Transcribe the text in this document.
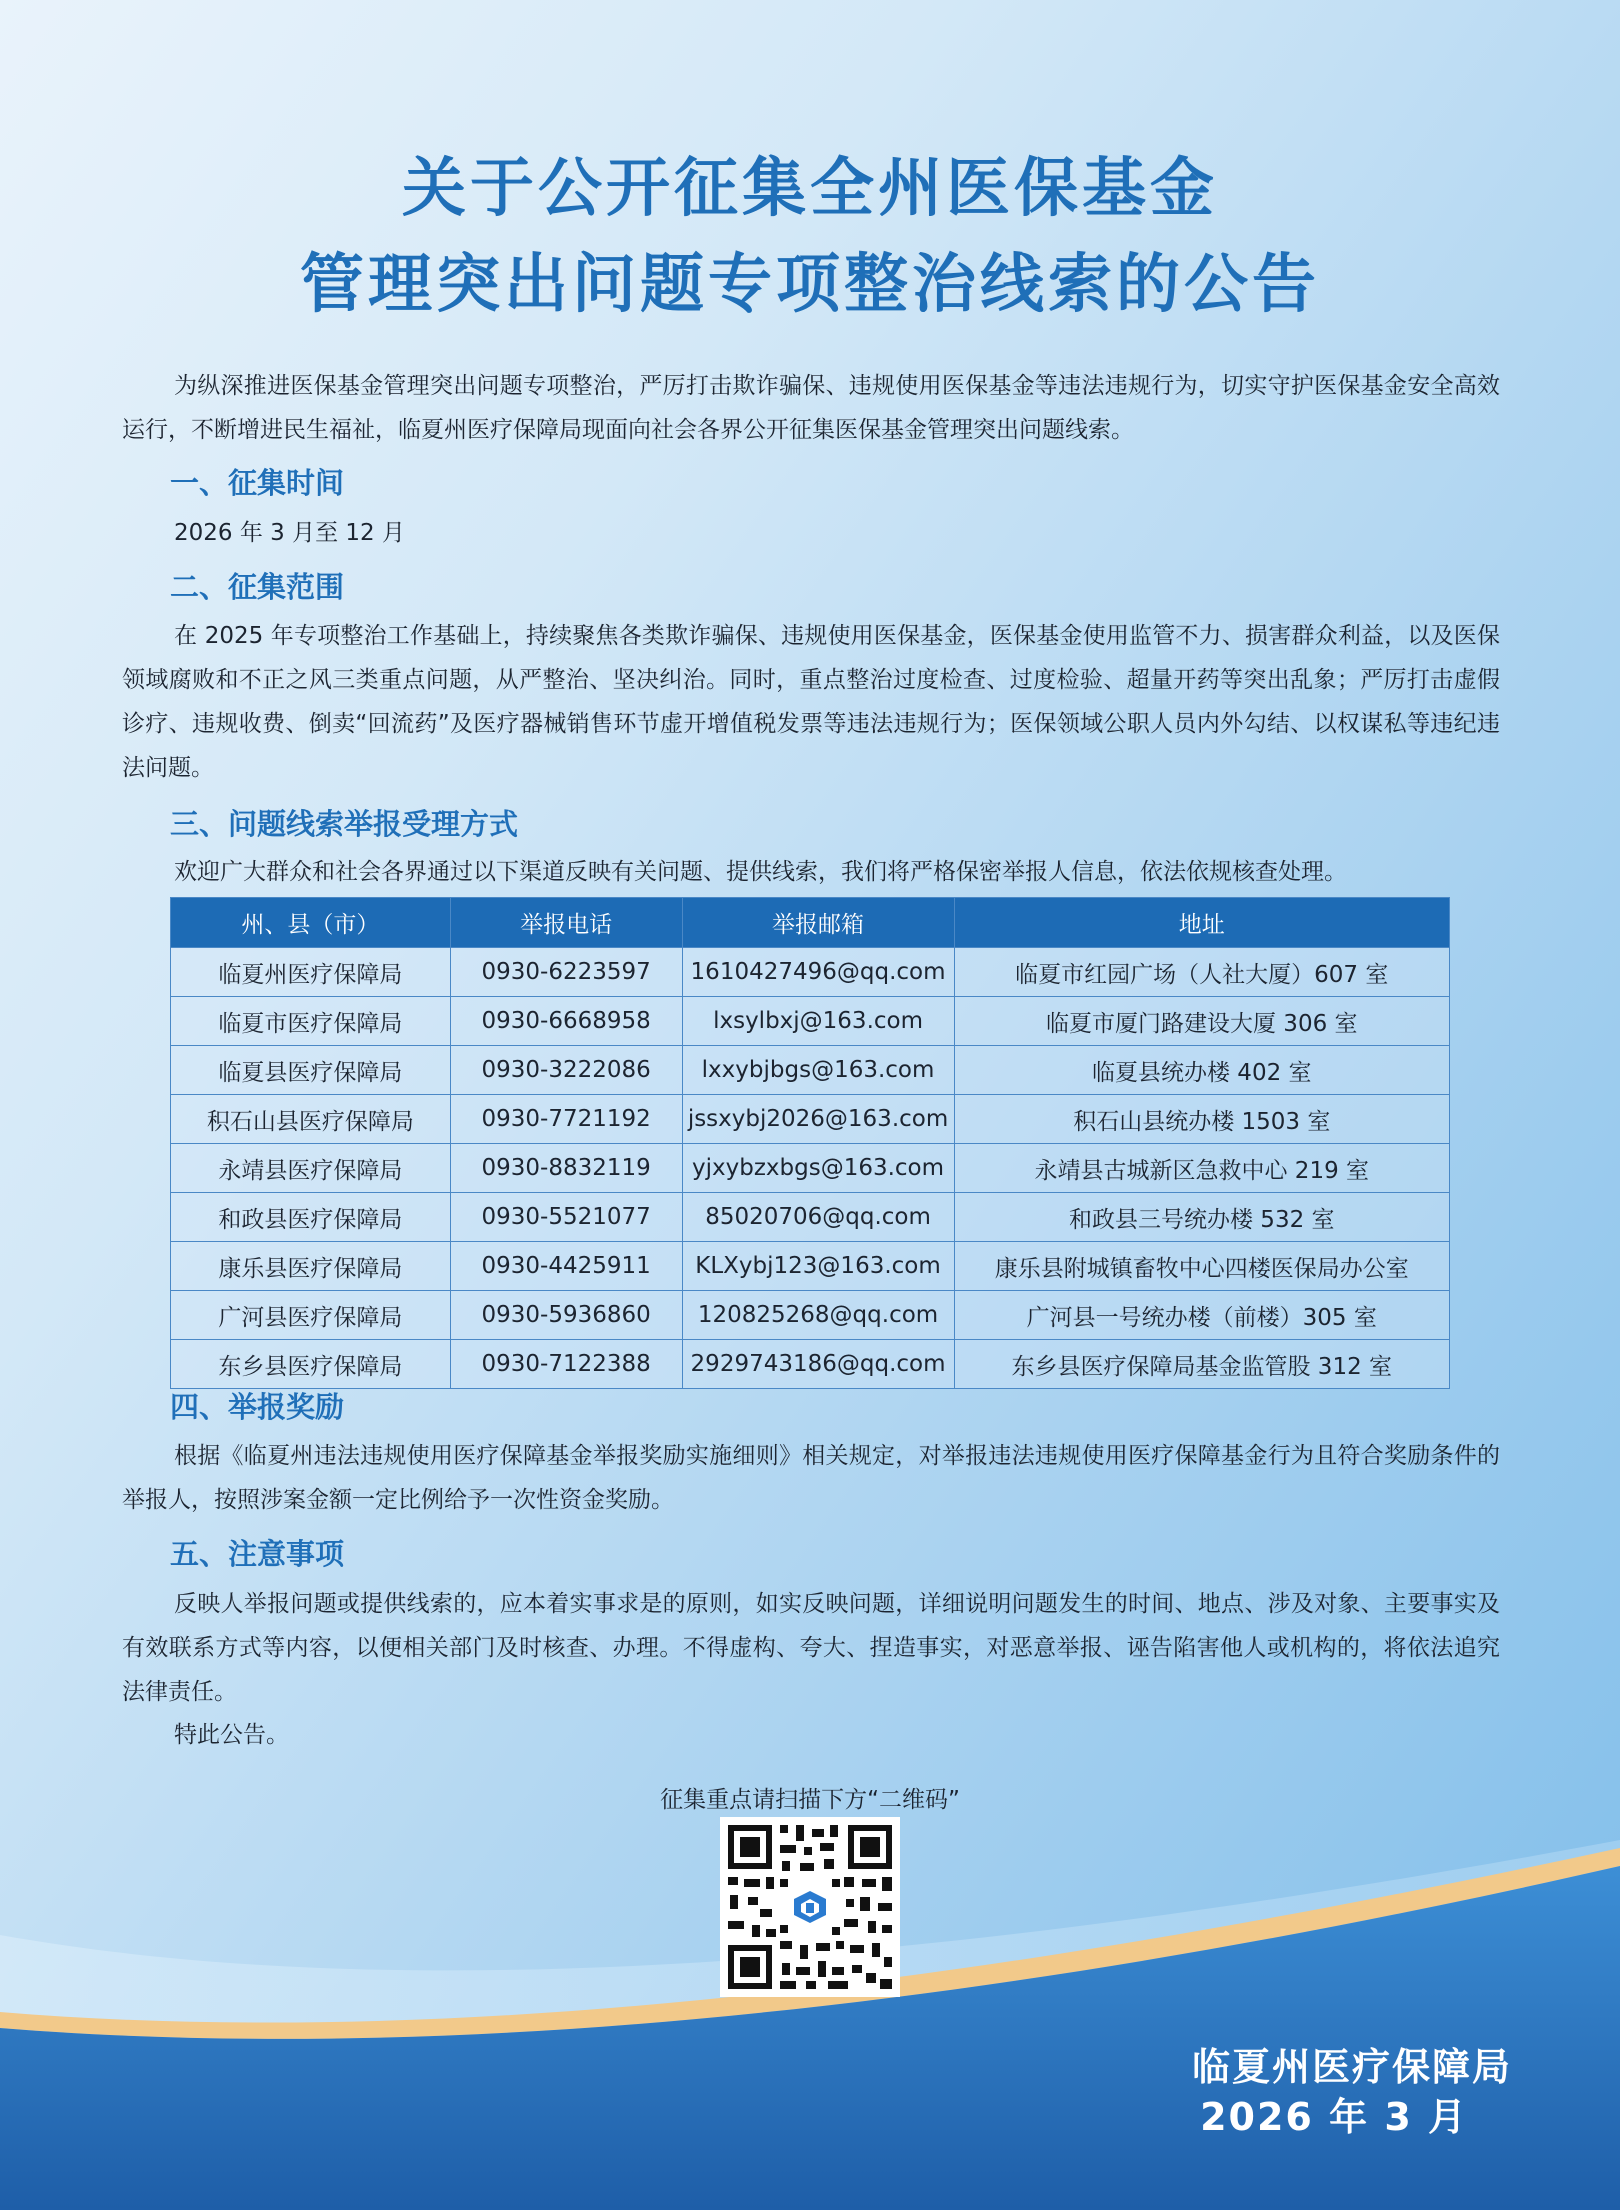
关于公开征集全州医保基金
管理突出问题专项整治线索的公告

为纵深推进医保基金管理突出问题专项整治，严厉打击欺诈骗保、违规使用医保基金等违法违规行为，切实守护医保基金安全高效运行，不断增进民生福祉，临夏州医疗保障局现面向社会各界公开征集医保基金管理突出问题线索。

一、征集时间

2026 年 3 月至 12 月

二、征集范围

在 2025 年专项整治工作基础上，持续聚焦各类欺诈骗保、违规使用医保基金，医保基金使用监管不力、损害群众利益，以及医保领域腐败和不正之风三类重点问题，从严整治、坚决纠治。同时，重点整治过度检查、过度检验、超量开药等突出乱象；严厉打击虚假诊疗、违规收费、倒卖“回流药”及医疗器械销售环节虚开增值税发票等违法违规行为；医保领域公职人员内外勾结、以权谋私等违纪违法问题。

三、问题线索举报受理方式

欢迎广大群众和社会各界通过以下渠道反映有关问题、提供线索，我们将严格保密举报人信息，依法依规核查处理。

州、县（市）	举报电话	举报邮箱	地址
临夏州医疗保障局	0930-6223597	1610427496@qq.com	临夏市红园广场（人社大厦）607 室
临夏市医疗保障局	0930-6668958	lxsylbxj@163.com	临夏市厦门路建设大厦 306 室
临夏县医疗保障局	0930-3222086	lxxybjbgs@163.com	临夏县统办楼 402 室
积石山县医疗保障局	0930-7721192	jssxybj2026@163.com	积石山县统办楼 1503 室
永靖县医疗保障局	0930-8832119	yjxybzxbgs@163.com	永靖县古城新区急救中心 219 室
和政县医疗保障局	0930-5521077	85020706@qq.com	和政县三号统办楼 532 室
康乐县医疗保障局	0930-4425911	KLXybj123@163.com	康乐县附城镇畜牧中心四楼医保局办公室
广河县医疗保障局	0930-5936860	120825268@qq.com	广河县一号统办楼（前楼）305 室
东乡县医疗保障局	0930-7122388	2929743186@qq.com	东乡县医疗保障局基金监管股 312 室
四、举报奖励

根据《临夏州违法违规使用医疗保障基金举报奖励实施细则》相关规定，对举报违法违规使用医疗保障基金行为且符合奖励条件的举报人，按照涉案金额一定比例给予一次性资金奖励。

五、注意事项

反映人举报问题或提供线索的，应本着实事求是的原则，如实反映问题，详细说明问题发生的时间、地点、涉及对象、主要事实及有效联系方式等内容，以便相关部门及时核查、办理。不得虚构、夸大、捏造事实，对恶意举报、诬告陷害他人或机构的，将依法追究法律责任。

特此公告。

征集重点请扫描下方“二维码”
临夏州医疗保障局
2026 年 3 月
